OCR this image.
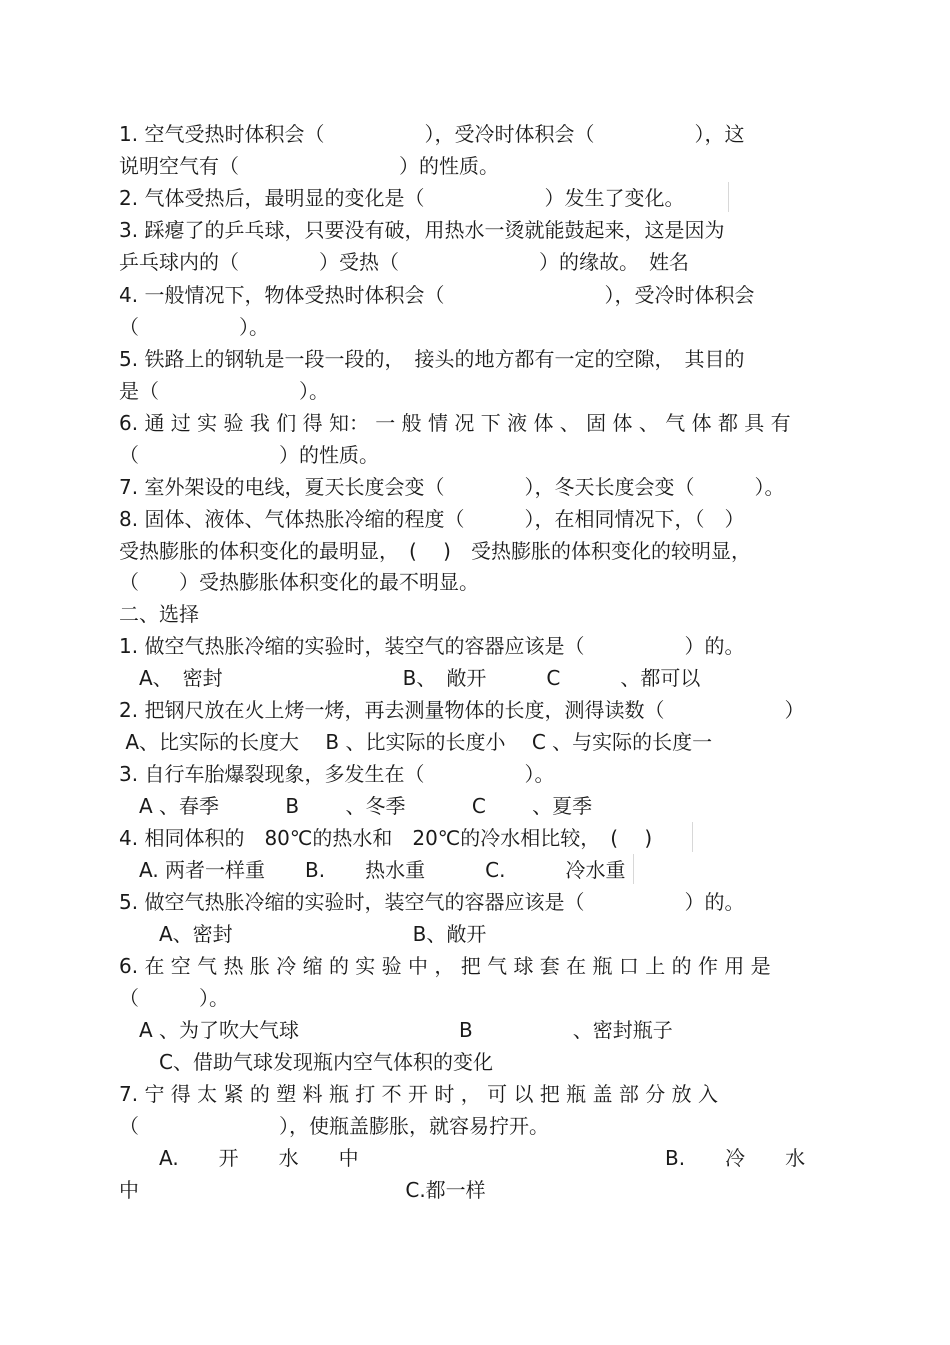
1. 空气受热时体积会（　　　　　），受冷时体积会（　　　　　），这
说明空气有（　　　　　　　　）的性质。
2. 气体受热后，最明显的变化是（　　　　　　）发生了变化。
3. 踩瘪了的乒乓球，只要没有破，用热水一烫就能鼓起来，这是因为
乒乓球内的（　　　　）受热（　　　　　　　）的缘故。　姓名
4. 一般情况下，物体受热时体积会（　　　　　　　　），受冷时体积会
（　　　　　）。
5. 铁路上的钢轨是一段一段的，　接头的地方都有一定的空隙，　其目的
是（　　　　　　　）。
6. 通 过 实 验 我 们 得 知： 一 般 情 况 下 液 体 、 固 体 、 气 体 都 具 有
（　　　　　　　）的性质。
7. 室外架设的电线，夏天长度会变（　　　　），冬天长度会变（　　　）。
8. 固体、液体、气体热胀冷缩的程度（　　　），在相同情况下，（　）
受热膨胀的体积变化的最明显，　( 　)　受热膨胀的体积变化的较明显，
（　　）受热膨胀体积变化的最不明显。
二、选择
1. 做空气热胀冷缩的实验时，装空气的容器应该是（　　　　　）的。
　A、　密封　　　　　　　　　B、　敞开　　　C　　　、都可以
2. 把钢尺放在火上烤一烤，再去测量物体的长度，测得读数（　　　　　　）
A、比实际的长度大　 B 、比实际的长度小　 C 、与实际的长度一
3. 自行车胎爆裂现象，多发生在（　　　　　）。
　A 、春季　　　 B　　 、冬季　　　 C　　 、夏季
4. 相同体积的　80℃的热水和　20℃的冷水相比较，　(　 )
　A. 两者一样重　　B.　　热水重　　　C.　　　冷水重
5. 做空气热胀冷缩的实验时，装空气的容器应该是（　　　　　）的。
　　A、密封　　　　　　　　　B、敞开
6. 在 空 气 热 胀 冷 缩 的 实 验 中 ， 把 气 球 套 在 瓶 口 上 的 作 用 是
（　　　）。
　A 、为了吹大气球　　　　　　　　B　　　　　、密封瓶子
　　C、借助气球发现瓶内空气体积的变化
7. 宁 得 太 紧 的 塑 料 瓶 打 不 开 时 ， 可 以 把 瓶 盖 部 分 放 入
（　　　　　　　），使瓶盖膨胀，就容易拧开。
　　A.　　开　　水　　中　　　　　　　　　　　　　　　 B.　　冷　　水
中　　　　　　　　　　　　　 C.都一样
